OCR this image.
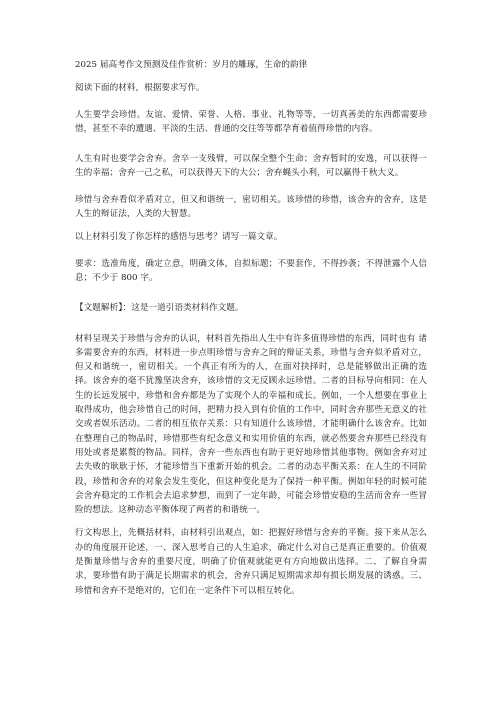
2025 届高考作文预测及佳作赏析：岁月的雕琢，生命的韵律

阅读下面的材料，根据要求写作。

人生要学会珍惜。友谊、爱情、荣誉、人格、事业、礼物等等，一切真善美的东西都需要珍惜，甚至不幸的遭遇、平淡的生活、普通的交往等等都孕育着值得珍惜的内容。

人生有时也要学会舍弃。舍卒一支残臂，可以保全整个生命；舍弃暂时的安逸，可以获得一生的幸福；舍弃一己之私，可以获得天下的大公；舍弃蝇头小利，可以赢得千秋大义。

珍惜与舍弃看似矛盾对立，但又和谐统一，密切相关。该珍惜的珍惜，该舍弃的舍弃，这是人生的辩证法，人类的大智慧。

以上材料引发了你怎样的感悟与思考？请写一篇文章。

要求：选准角度，确定立意，明确文体，自拟标题；不要套作，不得抄袭；不得泄露个人信息；不少于 800 字。

【文题解析】：这是一道引语类材料作文题。

材料呈现关于珍惜与舍弃的认识，材料首先指出人生中有许多值得珍惜的东西，同时也有 诸多需要舍弃的东西，材料进一步点明珍惜与舍弃之间的辩证关系，珍惜与舍弃似矛盾对立，但又和谐统一，密切相关。一个真正有所为的人，在面对抉择时，总是能够做出正确的选择。该舍弃的毫不犹豫坚决舍弃，该珍惜的文无反顾永远珍惜。二者的目标导向相同：在人生的长远发展中，珍惜和舍弃都是为了实现个人的幸福和成长。例如，一个人想要在事业上取得成功，他会珍惜自己的时间，把精力投入到有价值的工作中，同时舍弃那些无意义的社交或者娱乐活动。二者的相互依存关系：只有知道什么该珍惜，才能明确什么该舍弃。比如在整理自己的物品时，珍惜那些有纪念意义和实用价值的东西，就必然要舍弃那些已经没有用处或者是累赘的物品。同样，舍弃一些东西也有助于更好地珍惜其他事物。例如舍弃对过去失败的耿耿于怀，才能珍惜当下重新开始的机会。二者的动态平衡关系：在人生的不同阶段，珍惜和舍弃的对象会发生变化，但这种变化是为了保持一种平衡。例如年轻的时候可能会舍弃稳定的工作机会去追求梦想，而到了一定年龄，可能会珍惜安稳的生活而舍弃一些冒险的想法。这种动态平衡体现了两者的和谐统一。

行文构思上，先概括材料，由材料引出观点，如：把握好珍惜与舍弃的平衡。接下来从怎么办的角度展开论述，一、深入思考自己的人生追求，确定什么对自己是真正重要的。价值观是衡量珍惜与舍弃的重要尺度，明确了价值观就能更有方向地做出选择。二、了解自身需求，要珍惜有助于满足长期需求的机会，舍弃只满足短期需求却有损长期发展的诱惑。三、珍惜和舍弃不是绝对的，它们在一定条件下可以相互转化。
